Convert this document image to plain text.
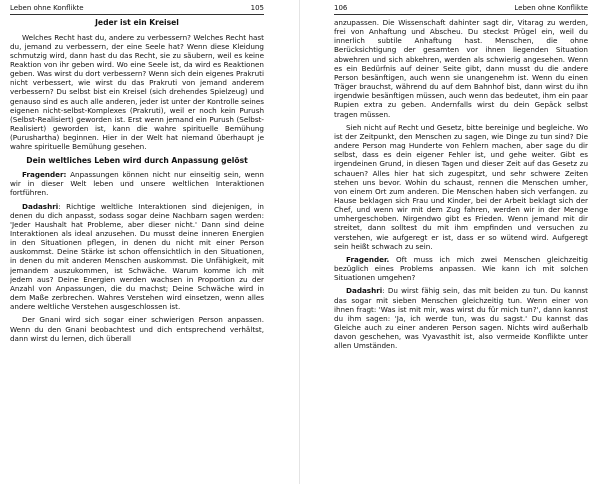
Leben ohne Konflikte	105
Jeder ist ein Kreisel

Welches Recht hast du, andere zu verbessern? Welches Recht hast du, jemand zu verbessern, der eine Seele hat? Wenn diese Kleidung schmutzig wird, dann hast du das Recht, sie zu säubern, weil es keine Reaktion von ihr geben wird. Wo eine Seele ist, da wird es Reaktionen geben. Was wirst du dort verbessern? Wenn sich dein eigenes Prakruti nicht verbessert, wie wirst du das Prakruti von jemand anderem verbessern? Du selbst bist ein Kreisel (sich drehendes Spielzeug) und genauso sind es auch alle anderen, jeder ist unter der Kontrolle seines eigenen nicht-selbst-Komplexes (Prakruti), weil er noch kein Purush (Selbst-Realisiert) geworden ist. Erst wenn jemand ein Purush (Selbst-Realisiert) geworden ist, kann die wahre spirituelle Bemühung (Purushartha) beginnen. Hier in der Welt hat niemand überhaupt je wahre spirituelle Bemühung gesehen.

Dein weltliches Leben wird durch Anpassung gelöst

Fragender: Anpassungen können nicht nur einseitig sein, wenn wir in dieser Welt leben und unsere weltlichen Interaktionen fortführen.

Dadashri: Richtige weltliche Interaktionen sind diejenigen, in denen du dich anpasst, sodass sogar deine Nachbarn sagen werden: 'Jeder Haushalt hat Probleme, aber dieser nicht.' Dann sind deine Interaktionen als ideal anzusehen. Du musst deine inneren Energien in den Situationen pflegen, in denen du nicht mit einer Person auskommst. Deine Stärke ist schon offensichtlich in den Situationen, in denen du mit anderen Menschen auskommst. Die Unfähigkeit, mit jemandem auszukommen, ist Schwäche. Warum komme ich mit jedem aus? Deine Energien werden wachsen in Proportion zu der Anzahl von Anpassungen, die du machst; Deine Schwäche wird in dem Maße zerbrechen. Wahres Verstehen wird einsetzen, wenn alles andere weltliche Verstehen ausgeschlossen ist.

Der Gnani wird sich sogar einer schwierigen Person anpassen. Wenn du den Gnani beobachtest und dich entsprechend verhältst, dann wirst du lernen, dich überall

106	Leben ohne Konflikte

anzupassen. Die Wissenschaft dahinter sagt dir, Vitarag zu werden, frei von Anhaftung und Abscheu. Du steckst Prügel ein, weil du innerlich subtile Anhaftung hast. Menschen, die ohne Berücksichtigung der gesamten vor ihnen liegenden Situation abwehren und sich abkehren, werden als schwierig angesehen. Wenn es ein Bedürfnis auf deiner Seite gibt, dann musst du die andere Person besänftigen, auch wenn sie unangenehm ist. Wenn du einen Träger brauchst, während du auf dem Bahnhof bist, dann wirst du ihn irgendwie besänftigen müssen, auch wenn das bedeutet, ihm ein paar Rupien extra zu geben. Andernfalls wirst du dein Gepäck selbst tragen müssen.

Sieh nicht auf Recht und Gesetz, bitte bereinige und begleiche. Wo ist der Zeitpunkt, den Menschen zu sagen, wie Dinge zu tun sind? Die andere Person mag Hunderte von Fehlern machen, aber sage du dir selbst, dass es dein eigener Fehler ist, und gehe weiter. Gibt es irgendeinen Grund, in diesen Tagen und dieser Zeit auf das Gesetz zu schauen? Alles hier hat sich zugespitzt, und sehr schwere Zeiten stehen uns bevor. Wohin du schaust, rennen die Menschen umher, von einem Ort zum anderen. Die Menschen haben sich verfangen. zu Hause beklagen sich Frau und Kinder, bei der Arbeit beklagt sich der Chef, und wenn wir mit dem Zug fahren, werden wir in der Menge umhergeschoben. Nirgendwo gibt es Frieden. Wenn jemand mit dir streitet, dann solltest du mit ihm empfinden und versuchen zu verstehen, wie aufgeregt er ist, dass er so wütend wird. Aufgeregt sein heißt schwach zu sein.

Fragender. Oft muss ich mich zwei Menschen gleichzeitig bezüglich eines Problems anpassen. Wie kann ich mit solchen Situationen umgehen?

Dadashri: Du wirst fähig sein, das mit beiden zu tun. Du kannst das sogar mit sieben Menschen gleichzeitig tun. Wenn einer von ihnen fragt: 'Was ist mit mir, was wirst du für mich tun?', dann kannst du ihm sagen: 'Ja, ich werde tun, was du sagst.' Du kannst das Gleiche auch zu einer anderen Person sagen. Nichts wird außerhalb davon geschehen, was Vyavasthit ist, also vermeide Konflikte unter allen Umständen.
